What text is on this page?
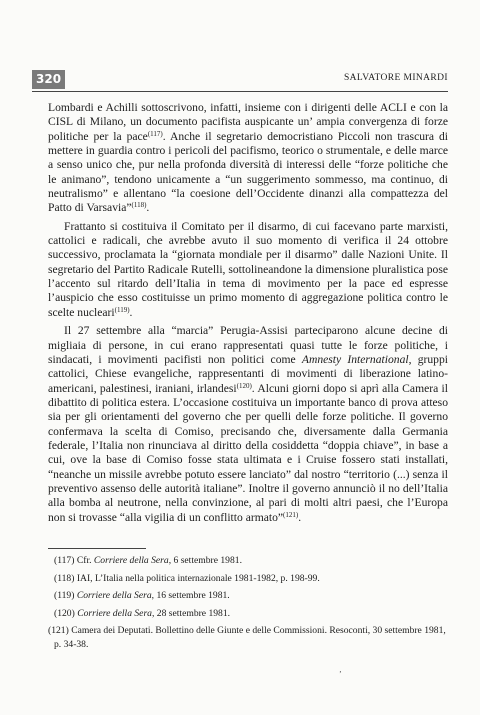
320	SALVATORE MINARDI

Lombardi e Achilli sottoscrivono, infatti, insieme con i dirigenti delle ACLI e con la CISL di Milano, un documento pacifista auspicante un’ ampia convergenza di forze politiche per la pace$^{(117)}$. Anche il segretario democristiano Piccoli non trascura di mettere in guardia contro i pericoli del pacifismo, teorico o strumentale, e delle marce a senso unico che, pur nella profonda diversità di interessi delle “forze politiche che le animano”, tendono unicamente a “un suggerimento sommesso, ma continuo, di neutralismo” e allentano “la coesione dell’Occidente dinanzi alla compattezza del Patto di Varsavia”$^{(118)}$.

Frattanto si costituiva il Comitato per il disarmo, di cui facevano parte marxisti, cattolici e radicali, che avrebbe avuto il suo momento di verifica il 24 ottobre successivo, proclamata la “giornata mondiale per il disarmo” dalle Nazioni Unite. Il segretario del Partito Radicale Rutelli, sottolineandone la dimensione pluralistica pose l’accento sul ritardo dell’Italia in tema di movimento per la pace ed espresse l’auspicio che esso costituisse un primo momento di aggregazione politica contro le scelte nucleari$^{(119)}$.

Il 27 settembre alla “marcia” Perugia-Assisi parteciparono alcune decine di migliaia di persone, in cui erano rappresentati quasi tutte le forze politiche, i sindacati, i movimenti pacifisti non politici come Amnesty International, gruppi cattolici, Chiese evangeliche, rappresentanti di movimenti di liberazione latino-americani, palestinesi, iraniani, irlandesi$^{(120)}$. Alcuni giorni dopo si aprì alla Camera il dibattito di politica estera. L’occasione costituiva un importante banco di prova atteso sia per gli orientamenti del governo che per quelli delle forze politiche. Il governo confermava la scelta di Comiso, precisando che, diversamente dalla Germania federale, l’Italia non rinunciava al diritto della cosiddetta “doppia chiave”, in base a cui, ove la base di Comiso fosse stata ultimata e i Cruise fossero stati installati, “neanche un missile avrebbe potuto essere lanciato” dal nostro “territorio (...) senza il preventivo assenso delle autorità italiane”. Inoltre il governo annunciò il no dell’Italia alla bomba al neutrone, nella convinzione, al pari di molti altri paesi, che l’Europa non si trovasse “alla vigilia di un conflitto armato”$^{(121)}$.

(117) Cfr. Corriere della Sera, 6 settembre 1981.
(118) IAI, L’Italia nella politica internazionale 1981-1982, p. 198-99.
(119) Corriere della Sera, 16 settembre 1981.
(120) Corriere della Sera, 28 settembre 1981.
(121) Camera dei Deputati. Bollettino delle Giunte e delle Commissioni. Resoconti, 30 settembre 1981, p. 34-38.
‚
